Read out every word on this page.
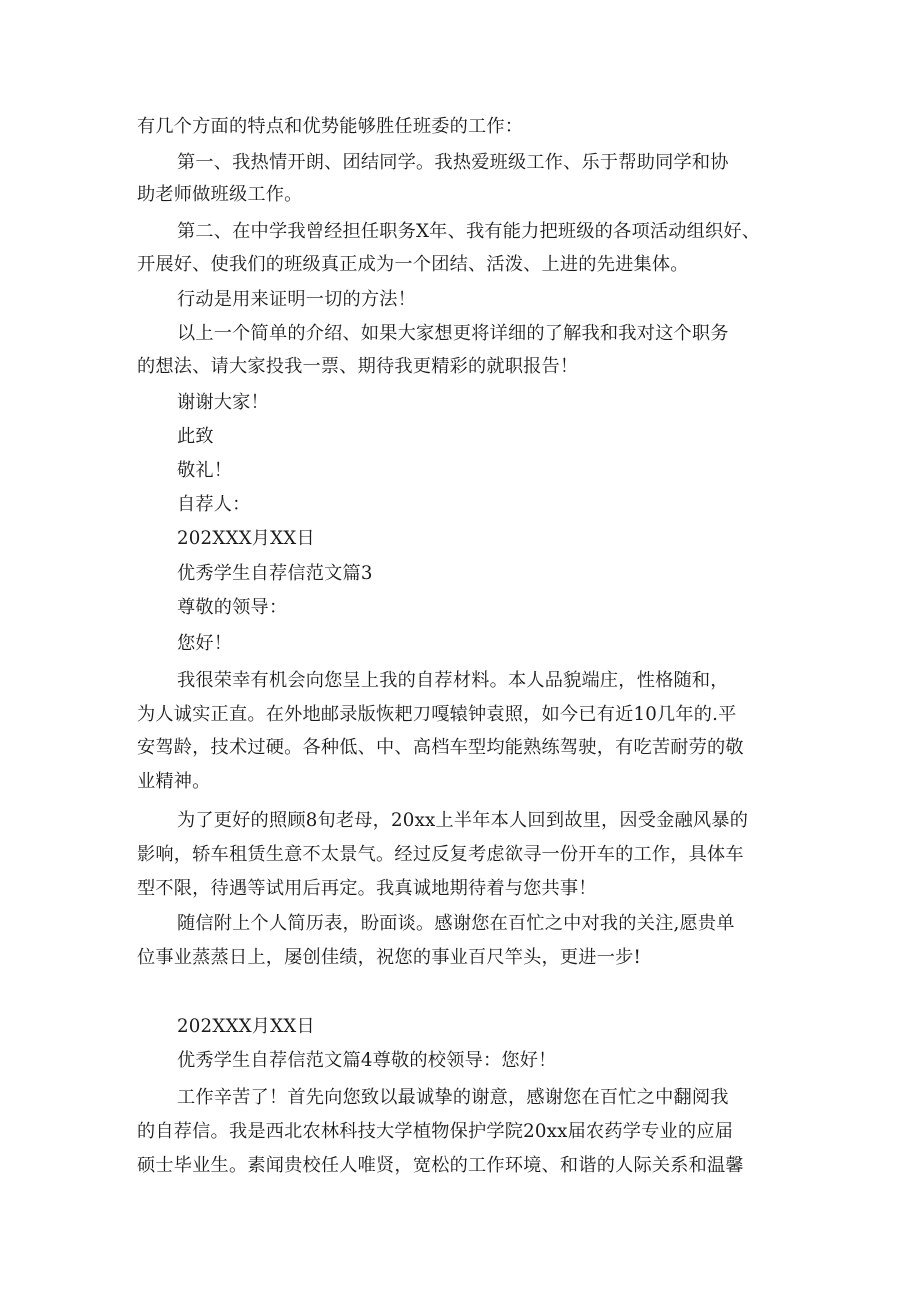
有几个方面的特点和优势能够胜任班委的工作：

第一、我热情开朗、团结同学。我热爱班级工作、乐于帮助同学和协

助老师做班级工作。

第二、在中学我曾经担任职务X年、我有能力把班级的各项活动组织好、

开展好、使我们的班级真正成为一个团结、活泼、上进的先进集体。

行动是用来证明一切的方法！

以上一个简单的介绍、如果大家想更将详细的了解我和我对这个职务

的想法、请大家投我一票、期待我更精彩的就职报告！

谢谢大家！

此致

敬礼！

自荐人：

202XXX月XX日

优秀学生自荐信范文篇3

尊敬的领导：

您好！

我很荣幸有机会向您呈上我的自荐材料。本人品貌端庄，性格随和，

为人诚实正直。在外地邮录版恢耙刀嘎辕钟袁照，如今已有近10几年的.平

安驾龄，技术过硬。各种低、中、高档车型均能熟练驾驶，有吃苦耐劳的敬

业精神。

为了更好的照顾8旬老母，20xx上半年本人回到故里，因受金融风暴的

影响，轿车租赁生意不太景气。经过反复考虑欲寻一份开车的工作，具体车

型不限，待遇等试用后再定。我真诚地期待着与您共事！

随信附上个人简历表，盼面谈。感谢您在百忙之中对我的关注,愿贵单

位事业蒸蒸日上，屡创佳绩，祝您的事业百尺竿头，更进一步!

202XXX月XX日

优秀学生自荐信范文篇4尊敬的校领导：您好！

工作辛苦了！首先向您致以最诚挚的谢意，感谢您在百忙之中翻阅我

的自荐信。我是西北农林科技大学植物保护学院20xx届农药学专业的应届

硕士毕业生。素闻贵校任人唯贤，宽松的工作环境、和谐的人际关系和温馨
